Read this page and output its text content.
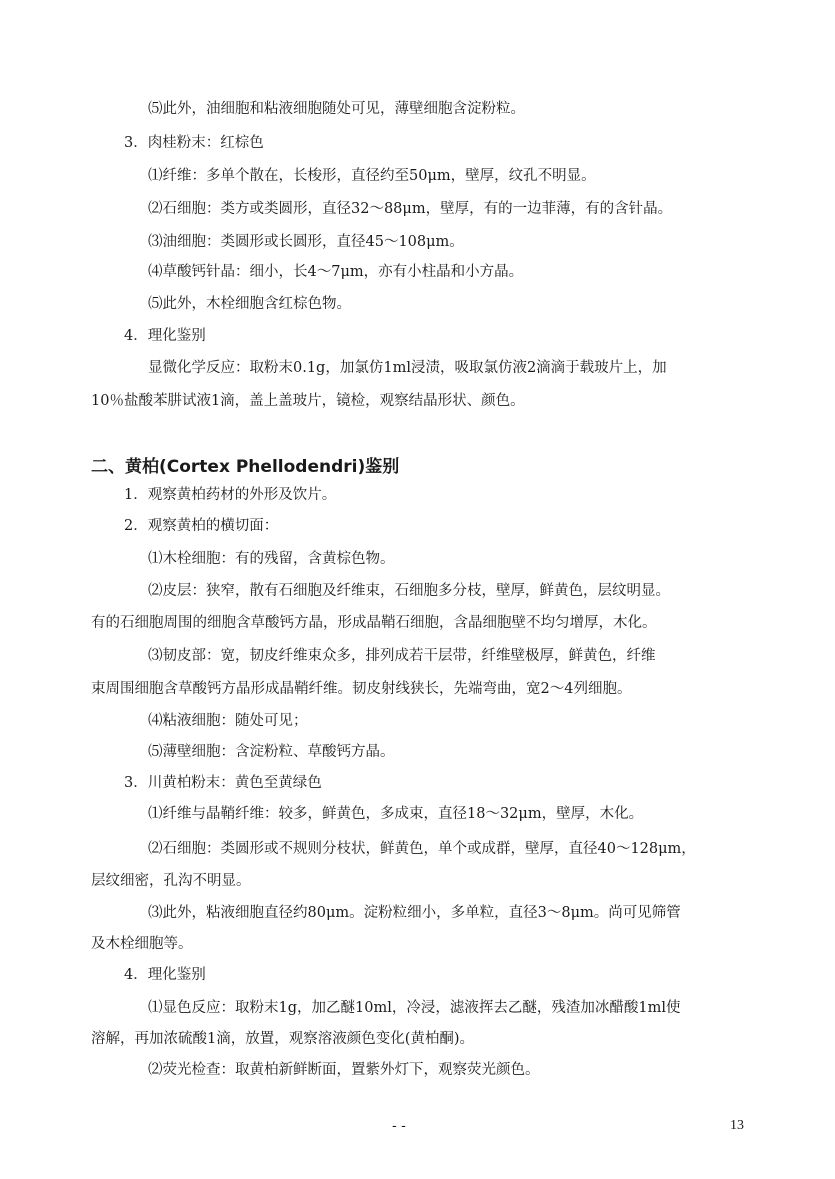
⑸此外，油细胞和粘液细胞随处可见，薄壁细胞含淀粉粒。
3．肉桂粉末：红棕色
⑴纤维：多单个散在，长梭形，直径约至50μm，壁厚，纹孔不明显。
⑵石细胞：类方或类圆形，直径32～88μm，壁厚，有的一边菲薄，有的含针晶。
⑶油细胞：类圆形或长圆形，直径45～108μm。
⑷草酸钙针晶：细小，长4～7μm，亦有小柱晶和小方晶。
⑸此外，木栓细胞含红棕色物。
4．理化鉴别
显微化学反应：取粉末0.1g，加氯仿1ml浸渍，吸取氯仿液2滴滴于载玻片上，加
10％盐酸苯肼试液1滴，盖上盖玻片，镜检，观察结晶形状、颜色。
二、黄柏(Cortex Phellodendri)鉴别
1．观察黄柏药材的外形及饮片。
2．观察黄柏的横切面：
⑴木栓细胞：有的残留，含黄棕色物。
⑵皮层：狭窄，散有石细胞及纤维束，石细胞多分枝，壁厚，鲜黄色，层纹明显。
有的石细胞周围的细胞含草酸钙方晶，形成晶鞘石细胞，含晶细胞壁不均匀增厚，木化。
⑶韧皮部：宽，韧皮纤维束众多，排列成若干层带，纤维壁极厚，鲜黄色，纤维
束周围细胞含草酸钙方晶形成晶鞘纤维。韧皮射线狭长，先端弯曲，宽2～4列细胞。
⑷粘液细胞：随处可见；
⑸薄壁细胞：含淀粉粒、草酸钙方晶。
3．川黄柏粉末：黄色至黄绿色
⑴纤维与晶鞘纤维：较多，鲜黄色，多成束，直径18～32μm，壁厚，木化。
⑵石细胞：类圆形或不规则分枝状，鲜黄色，单个或成群，壁厚，直径40～128μm，
层纹细密，孔沟不明显。
⑶此外，粘液细胞直径约80μm。淀粉粒细小，多单粒，直径3～8μm。尚可见筛管
及木栓细胞等。
4．理化鉴别
⑴显色反应：取粉末1g，加乙醚10ml，冷浸，滤液挥去乙醚，残渣加冰醋酸1ml使
溶解，再加浓硫酸1滴，放置，观察溶液颜色变化(黄柏酮)。
⑵荧光检查：取黄柏新鲜断面，置紫外灯下，观察荧光颜色。
- -	13
